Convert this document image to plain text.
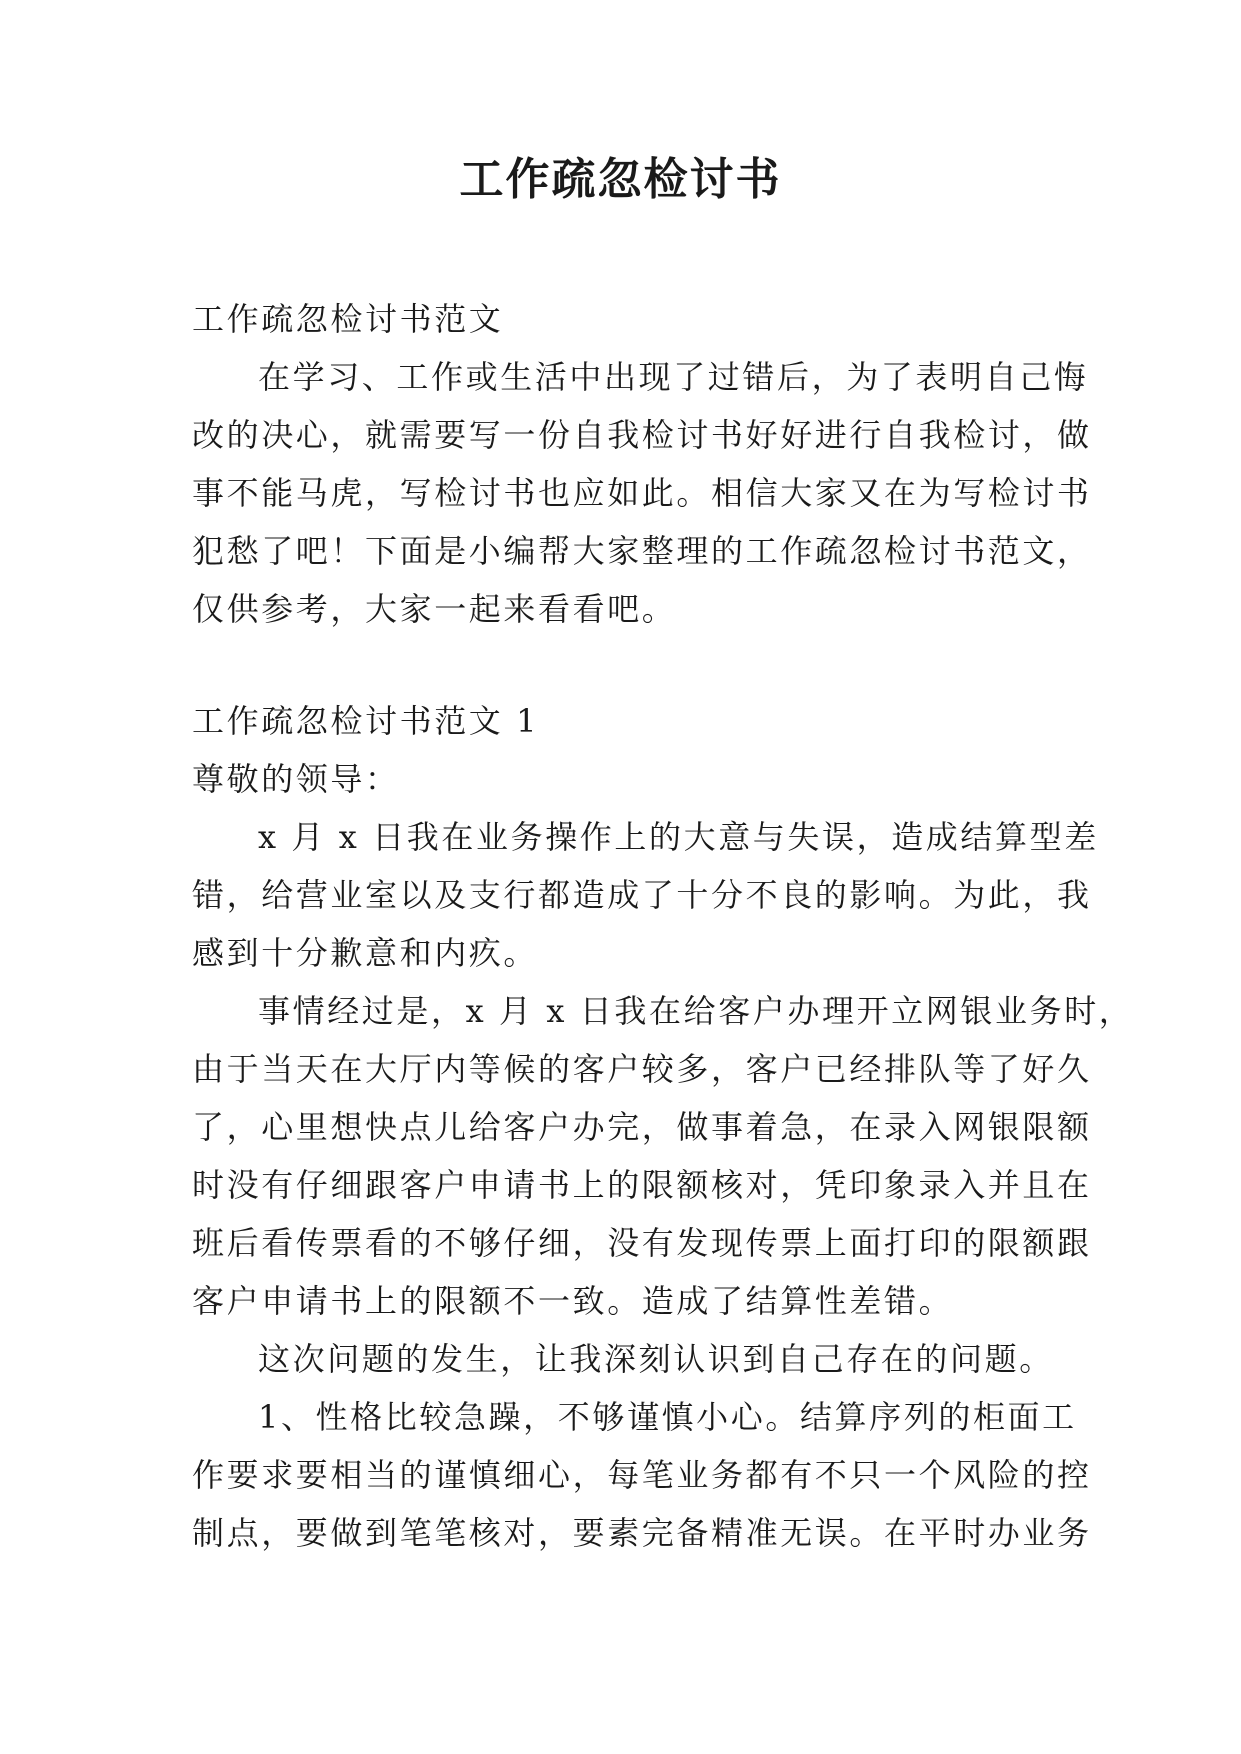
工作疏忽检讨书

工作疏忽检讨书范文

在学习、工作或生活中出现了过错后，为了表明自己悔

改的决心，就需要写一份自我检讨书好好进行自我检讨，做

事不能马虎，写检讨书也应如此。相信大家又在为写检讨书

犯愁了吧！下面是小编帮大家整理的工作疏忽检讨书范文，

仅供参考，大家一起来看看吧。

工作疏忽检讨书范文 1

尊敬的领导：

x 月 x 日我在业务操作上的大意与失误，造成结算型差

错，给营业室以及支行都造成了十分不良的影响。为此，我

感到十分歉意和内疚。

事情经过是，x 月 x 日我在给客户办理开立网银业务时，

由于当天在大厅内等候的客户较多，客户已经排队等了好久

了，心里想快点儿给客户办完，做事着急，在录入网银限额

时没有仔细跟客户申请书上的限额核对，凭印象录入并且在

班后看传票看的不够仔细，没有发现传票上面打印的限额跟

客户申请书上的限额不一致。造成了结算性差错。

这次问题的发生，让我深刻认识到自己存在的问题。

1、性格比较急躁，不够谨慎小心。结算序列的柜面工

作要求要相当的谨慎细心，每笔业务都有不只一个风险的控

制点，要做到笔笔核对，要素完备精准无误。在平时办业务
